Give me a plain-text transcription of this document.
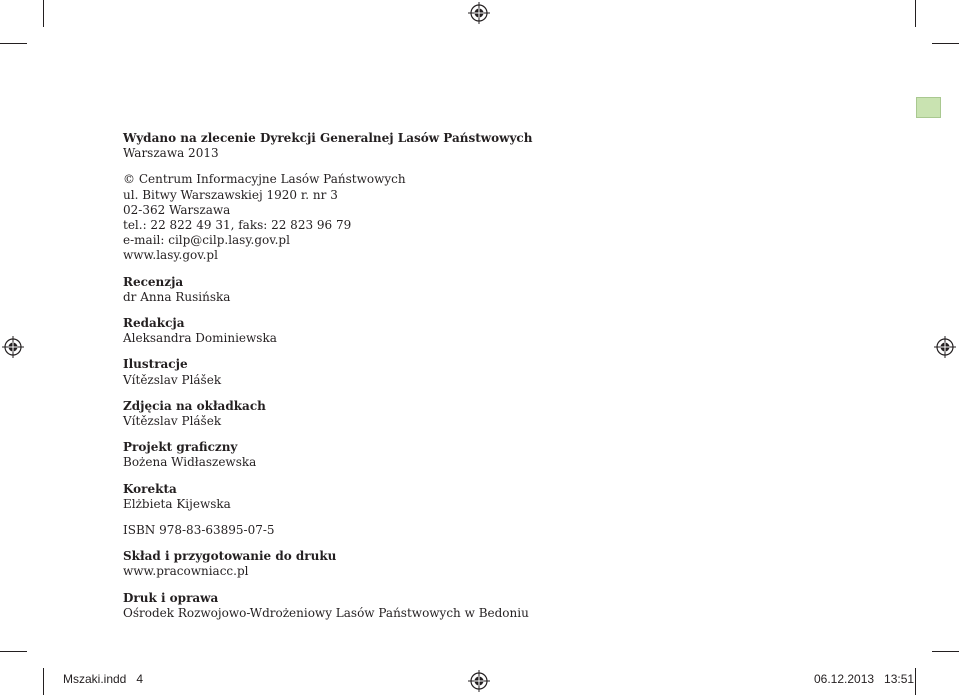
Wydano na zlecenie Dyrekcji Generalnej Lasów Państwowych
Warszawa 2013
© Centrum Informacyjne Lasów Państwowych
ul. Bitwy Warszawskiej 1920 r. nr 3
02-362 Warszawa
tel.: 22 822 49 31, faks: 22 823 96 79
e-mail: cilp@cilp.lasy.gov.pl
www.lasy.gov.pl
Recenzja
dr Anna Rusińska
Redakcja
Aleksandra Dominiewska
Ilustracje
Vítězslav Plášek
Zdjęcia na okładkach
Vítězslav Plášek
Projekt graficzny
Bożena Widłaszewska
Korekta
Elżbieta Kijewska
ISBN 978-83-63895-07-5
Skład i przygotowanie do druku
www.pracowniacc.pl
Druk i oprawa
Ośrodek Rozwojowo-Wdrożeniowy Lasów Państwowych w Bedoniu
Mszaki.indd   4	06.12.2013   13:51
